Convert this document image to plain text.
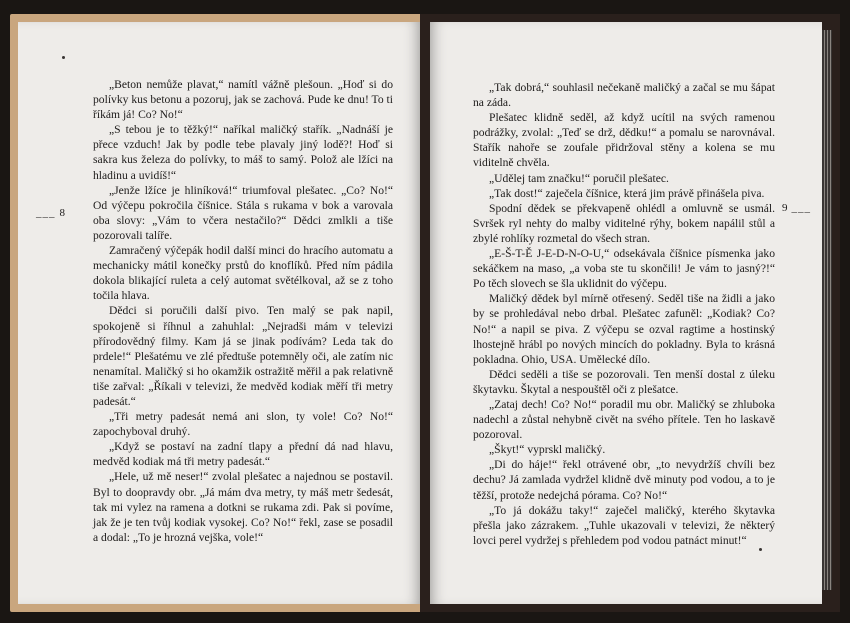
___ 8	9 ___

„Beton nemůže plavat,“ namítl vážně plešoun. „Hoď si do polívky kus betonu a pozoruj, jak se zachová. Pude ke dnu! To ti říkám já! Co? No!“

„S tebou je to těžký!“ naříkal maličký stařík. „Nadnáší je přece vzduch! Jak by podle tebe plavaly jiný lodě?! Hoď si sakra kus železa do polívky, to máš to samý. Polož ale lžíci na hladinu a uvidíš!“

„Jenže lžíce je hliníková!“ triumfoval plešatec. „Co? No!“ Od výčepu pokročila číšnice. Stála s rukama v bok a varovala oba slovy: „Vám to včera nestačilo?“ Dědci zmlkli a tiše pozorovali talíře.

Zamračený výčepák hodil další minci do hracího automatu a mechanicky mátil konečky prstů do knoflíků. Před ním pádila dokola blikající ruleta a celý automat světélkoval, až se z toho točila hlava.

Dědci si poručili další pivo. Ten malý se pak napil, spokojeně si říhnul a zahuhlal: „Nejradši mám v televizi přírodovědný filmy. Kam já se jinak podívám? Leda tak do prdele!“ Plešatému ve zlé předtuše potemněly oči, ale zatím nic nenamítal. Maličký si ho okamžik ostražitě měřil a pak relativně tiše zařval: „Říkali v televizi, že medvěd kodiak měří tři metry padesát.“

„Tři metry padesát nemá ani slon, ty vole! Co? No!“ zapochyboval druhý.

„Když se postaví na zadní tlapy a přední dá nad hlavu, medvěd kodiak má tři metry padesát.“

„Hele, už mě neser!“ zvolal plešatec a najednou se postavil. Byl to doopravdy obr. „Já mám dva metry, ty máš metr šedesát, tak mi vylez na ramena a dotkni se rukama zdi. Pak si povíme, jak že je ten tvůj kodiak vysokej. Co? No!“ řekl, zase se posadil a dodal: „To je hrozná vejška, vole!“

„Tak dobrá,“ souhlasil nečekaně maličký a začal se mu šápat na záda.

Plešatec klidně seděl, až když ucítil na svých ramenou podrážky, zvolal: „Teď se drž, dědku!“ a pomalu se narovnával. Stařík nahoře se zoufale přidržoval stěny a kolena se mu viditelně chvěla.

„Udělej tam značku!“ poručil plešatec.

„Tak dost!“ zaječela číšnice, která jim právě přinášela piva.

Spodní dědek se překvapeně ohlédl a omluvně se usmál. Svršek ryl nehty do malby viditelné rýhy, bokem napálil stůl a zbylé rohlíky rozmetal do všech stran.

„E-Š-T-Ě J-E-D-N-O-U,“ odsekávala číšnice písmenka jako sekáčkem na maso, „a voba ste tu skončili! Je vám to jasný?!“ Po těch slovech se šla uklidnit do výčepu.

Maličký dědek byl mírně otřesený. Seděl tiše na židli a jako by se prohledával nebo drbal. Plešatec zafuněl: „Kodiak? Co? No!“ a napil se piva. Z výčepu se ozval ragtime a hostinský lhostejně hrábl po nových mincích do pokladny. Byla to krásná pokladna. Ohio, USA. Umělecké dílo.

Dědci seděli a tiše se pozorovali. Ten menší dostal z úleku škytavku. Škytal a nespouštěl oči z plešatce.

„Zataj dech! Co? No!“ poradil mu obr. Maličký se zhluboka nadechl a zůstal nehybně civět na svého přítele. Ten ho laskavě pozoroval.

„Škyt!“ vyprskl maličký.

„Di do háje!“ řekl otrávené obr, „to nevydržíš chvíli bez dechu? Já zamlada vydržel klidně dvě minuty pod vodou, a to je těžší, protože nedejchá pórama. Co? No!“

„To já dokážu taky!“ zaječel maličký, kterého škytavka přešla jako zázrakem. „Tuhle ukazovali v televizi, že některý lovci perel vydržej s přehledem pod vodou patnáct minut!“
